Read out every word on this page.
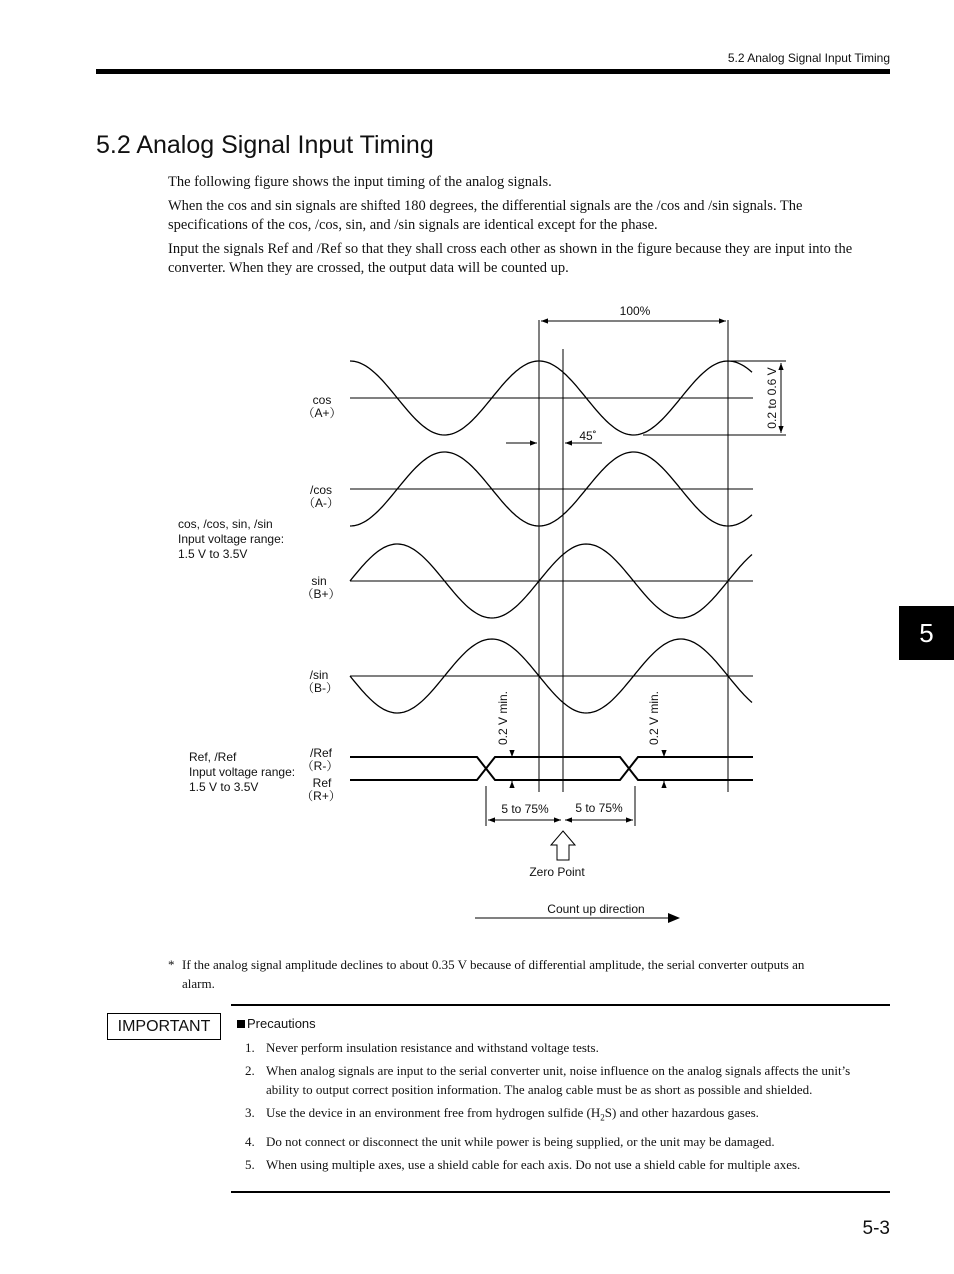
5.2 Analog Signal Input Timing
5.2 Analog Signal Input Timing

The following figure shows the input timing of the analog signals.

When the cos and sin signals are shifted 180 degrees, the differential signals are the /cos and /sin signals. The specifications of the cos, /cos, sin, and /sin signals are identical except for the phase.

Input the signals Ref and /Ref so that they shall cross each other as shown in the figure because they are input into the converter. When they are crossed, the output data will be counted up.

5
100%
0.2 to 0.6 V
45˚
cos
（A+）
/cos
（A-）
sin
（B+）
/sin
（B-）
cos, /cos, sin, /sin
Input voltage range:
1.5 V to 3.5V
Ref, /Ref
Input voltage range:
1.5 V to 3.5V
/Ref
（R-）
Ref
（R+）
0.2 V min.	0.2 V min.
5 to 75% 5 to 75%
Zero Point
Count up direction
* If the analog signal amplitude declines to about 0.35 V because of differential amplitude, the serial converter outputs an alarm.
IMPORTANT	Precautions
1. Never perform insulation resistance and withstand voltage tests.
2. When analog signals are input to the serial converter unit, noise influence on the analog signals affects the unit’s ability to output correct position information. The analog cable must be as short as possible and shielded.
3. Use the device in an environment free from hydrogen sulfide $(H_2S)$ and other hazardous gases.
4. Do not connect or disconnect the unit while power is being supplied, or the unit may be damaged.
5. When using multiple axes, use a shield cable for each axis. Do not use a shield cable for multiple axes.
5-3
